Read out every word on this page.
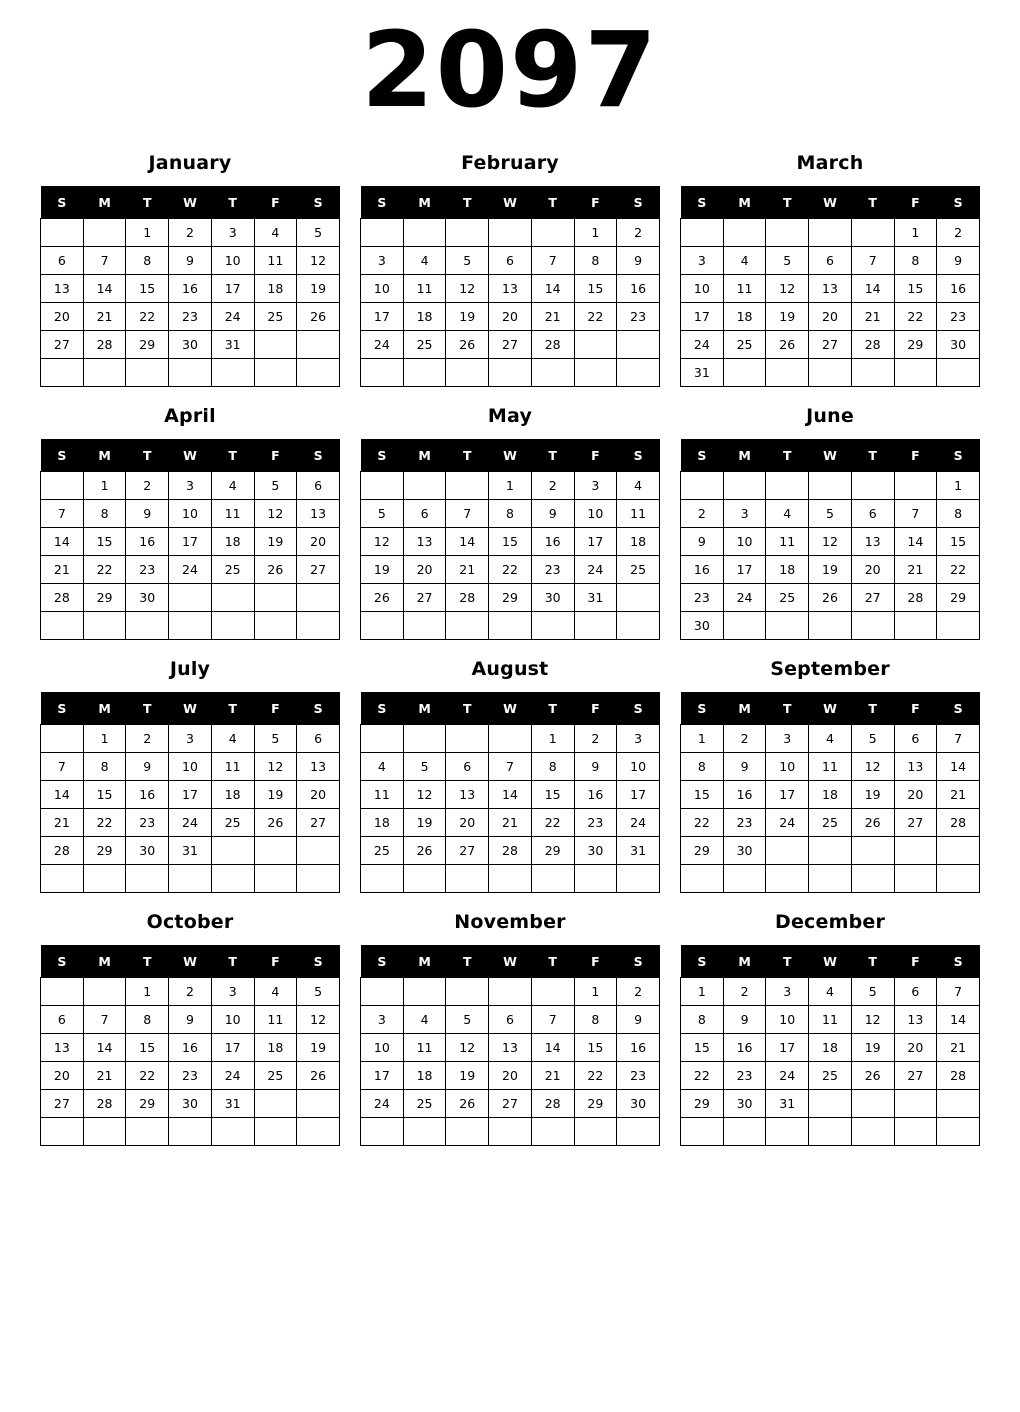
2097
January
S	M	T	W	T	F	S
		1	2	3	4	5
6	7	8	9	10	11	12
13	14	15	16	17	18	19
20	21	22	23	24	25	26
27	28	29	30	31		

February
S	M	T	W	T	F	S
					1	2
3	4	5	6	7	8	9
10	11	12	13	14	15	16
17	18	19	20	21	22	23
24	25	26	27	28		

March
S	M	T	W	T	F	S
					1	2
3	4	5	6	7	8	9
10	11	12	13	14	15	16
17	18	19	20	21	22	23
24	25	26	27	28	29	30
31						
April
S	M	T	W	T	F	S
	1	2	3	4	5	6
7	8	9	10	11	12	13
14	15	16	17	18	19	20
21	22	23	24	25	26	27
28	29	30				

May
S	M	T	W	T	F	S
			1	2	3	4
5	6	7	8	9	10	11
12	13	14	15	16	17	18
19	20	21	22	23	24	25
26	27	28	29	30	31	

June
S	M	T	W	T	F	S
						1
2	3	4	5	6	7	8
9	10	11	12	13	14	15
16	17	18	19	20	21	22
23	24	25	26	27	28	29
30						
July
S	M	T	W	T	F	S
	1	2	3	4	5	6
7	8	9	10	11	12	13
14	15	16	17	18	19	20
21	22	23	24	25	26	27
28	29	30	31			

August
S	M	T	W	T	F	S
				1	2	3
4	5	6	7	8	9	10
11	12	13	14	15	16	17
18	19	20	21	22	23	24
25	26	27	28	29	30	31

September
S	M	T	W	T	F	S
1	2	3	4	5	6	7
8	9	10	11	12	13	14
15	16	17	18	19	20	21
22	23	24	25	26	27	28
29	30					

October
S	M	T	W	T	F	S
		1	2	3	4	5
6	7	8	9	10	11	12
13	14	15	16	17	18	19
20	21	22	23	24	25	26
27	28	29	30	31		

November
S	M	T	W	T	F	S
					1	2
3	4	5	6	7	8	9
10	11	12	13	14	15	16
17	18	19	20	21	22	23
24	25	26	27	28	29	30

December
S	M	T	W	T	F	S
1	2	3	4	5	6	7
8	9	10	11	12	13	14
15	16	17	18	19	20	21
22	23	24	25	26	27	28
29	30	31				
